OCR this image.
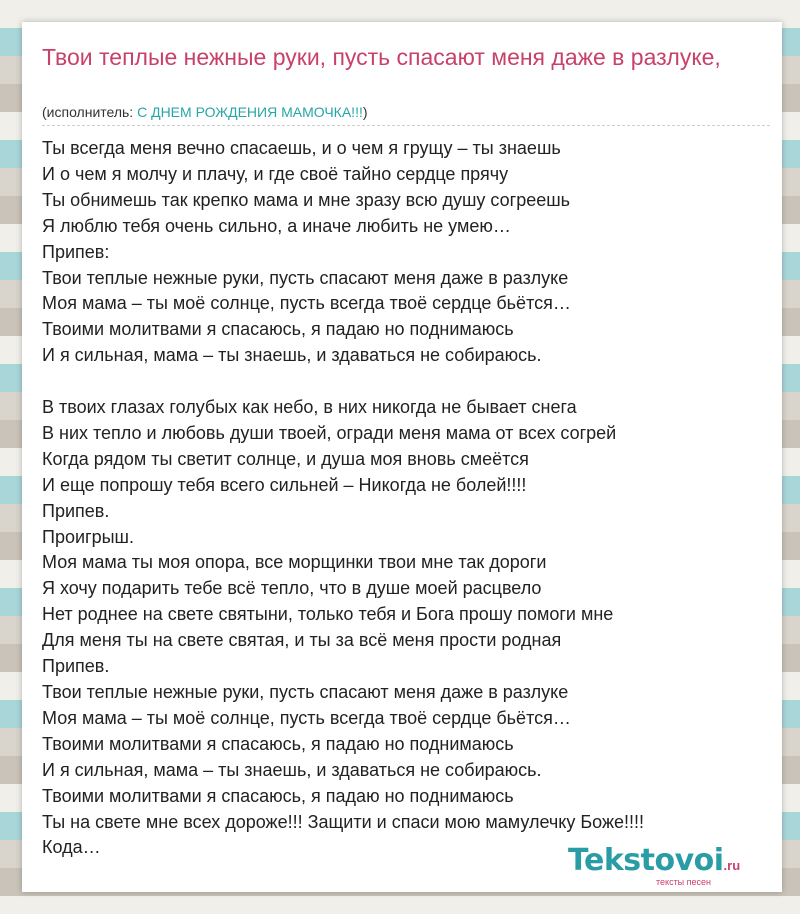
Твои теплые нежные руки, пусть спасают меня даже в разлуке,
(исполнитель: С ДНЕМ РОЖДЕНИЯ МАМОЧКА!!!)
Ты всегда меня вечно спасаешь, и о чем я грущу – ты знаешь
И о чем я молчу и плачу, и где своё тайно сердце прячу
Ты обнимешь так крепко мама и мне зразу всю душу согреешь
Я люблю тебя очень сильно, а иначе любить не умею…
Припев:
Твои теплые нежные руки, пусть спасают меня даже в разлуке
Моя мама – ты моё солнце, пусть всегда твоё сердце бьётся…
Твоими молитвами я спасаюсь, я падаю но поднимаюсь
И я сильная, мама – ты знаешь, и здаваться не собираюсь.
В твоих глазах голубых как небо, в них никогда не бывает снега
В них тепло и любовь души твоей, огради меня мама от всех согрей
Когда рядом ты светит солнце, и душа моя вновь смеётся
И еще попрошу тебя всего сильней – Никогда не болей!!!!
Припев.
Проигрыш.
Моя мама ты моя опора, все морщинки твои мне так дороги
Я хочу подарить тебе всё тепло, что в душе моей расцвело
Нет роднее на свете святыни, только тебя и Бога прошу помоги мне
Для меня ты на свете святая, и ты за всё меня прости родная
Припев.
Твои теплые нежные руки, пусть спасают меня даже в разлуке
Моя мама – ты моё солнце, пусть всегда твоё сердце бьётся…
Твоими молитвами я спасаюсь, я падаю но поднимаюсь
И я сильная, мама – ты знаешь, и здаваться не собираюсь.
Твоими молитвами я спасаюсь, я падаю но поднимаюсь
Ты на свете мне всех дороже!!! Защити и спаси мою мамулечку Боже!!!!
Кода…	Tekstovoi.ru
тексты песен
